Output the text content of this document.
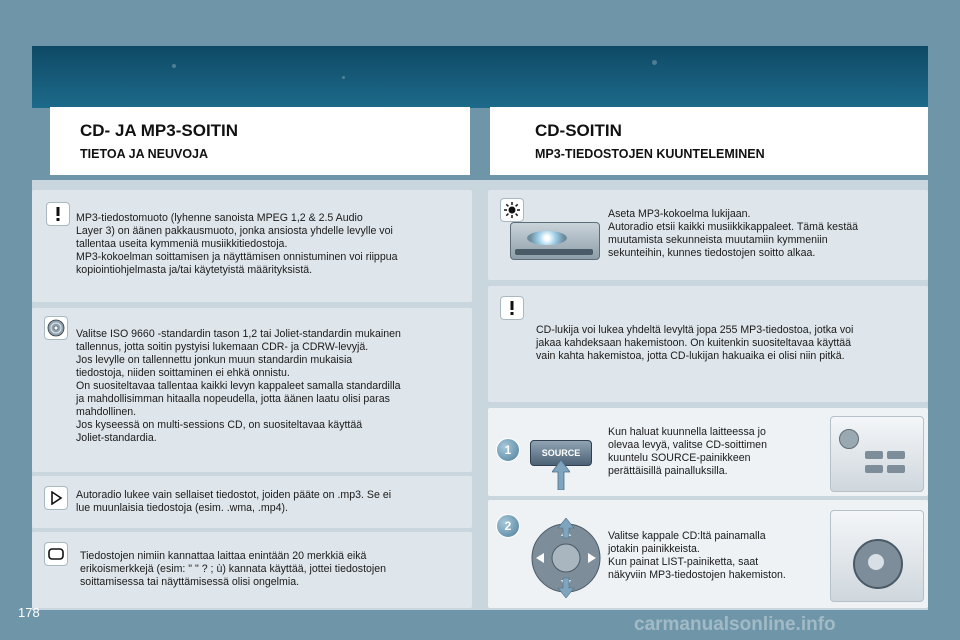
CD- JA MP3-SOITIN
TIETOA JA NEUVOJA
CD-SOITIN
MP3-TIEDOSTOJEN KUUNTELEMINEN

MP3-tiedostomuoto (lyhenne sanoista MPEG 1,2 & 2.5 Audio
Layer 3) on äänen pakkausmuoto, jonka ansiosta yhdelle levylle voi
tallentaa useita kymmeniä musiikkitiedostoja.
MP3-kokoelman soittamisen ja näyttämisen onnistuminen voi riippua
kopiointiohjelmasta ja/tai käytetyistä määrityksistä.

Valitse ISO 9660 -standardin tason 1,2 tai Joliet-standardin mukainen
tallennus, jotta soitin pystyisi lukemaan CDR- ja CDRW-levyjä.
Jos levylle on tallennettu jonkun muun standardin mukaisia
tiedostoja, niiden soittaminen ei ehkä onnistu.
On suositeltavaa tallentaa kaikki levyn kappaleet samalla standardilla
ja mahdollisimman hitaalla nopeudella, jotta äänen laatu olisi paras
mahdollinen.
Jos kyseessä on multi-sessions CD, on suositeltavaa käyttää
Joliet-standardia.

Autoradio lukee vain sellaiset tiedostot, joiden pääte on .mp3. Se ei
lue muunlaisia tiedostoja (esim. .wma, .mp4).

Tiedostojen nimiin kannattaa laittaa enintään 20 merkkiä eikä
erikoismerkkejä (esim: " " ? ; ù) kannata käyttää, jottei tiedostojen
soittamisessa tai näyttämisessä olisi ongelmia.

Aseta MP3-kokoelma lukijaan.
Autoradio etsii kaikki musiikkikappaleet. Tämä kestää
muutamista sekunneista muutamiin kymmeniin
sekunteihin, kunnes tiedostojen soitto alkaa.

CD-lukija voi lukea yhdeltä levyltä jopa 255 MP3-tiedostoa, jotka voi
jakaa kahdeksaan hakemistoon. On kuitenkin suositeltavaa käyttää
vain kahta hakemistoa, jotta CD-lukijan hakuaika ei olisi niin pitkä.

1	SOURCE

Kun haluat kuunnella laitteessa jo
olevaa levyä, valitse CD-soittimen
kuuntelu SOURCE-painikkeen
perättäisillä painalluksilla.

2

Valitse kappale CD:ltä painamalla
jotakin painikkeista.
Kun painat LIST-painiketta, saat
näkyviin MP3-tiedostojen hakemiston.

178
carmanualsonline.info
